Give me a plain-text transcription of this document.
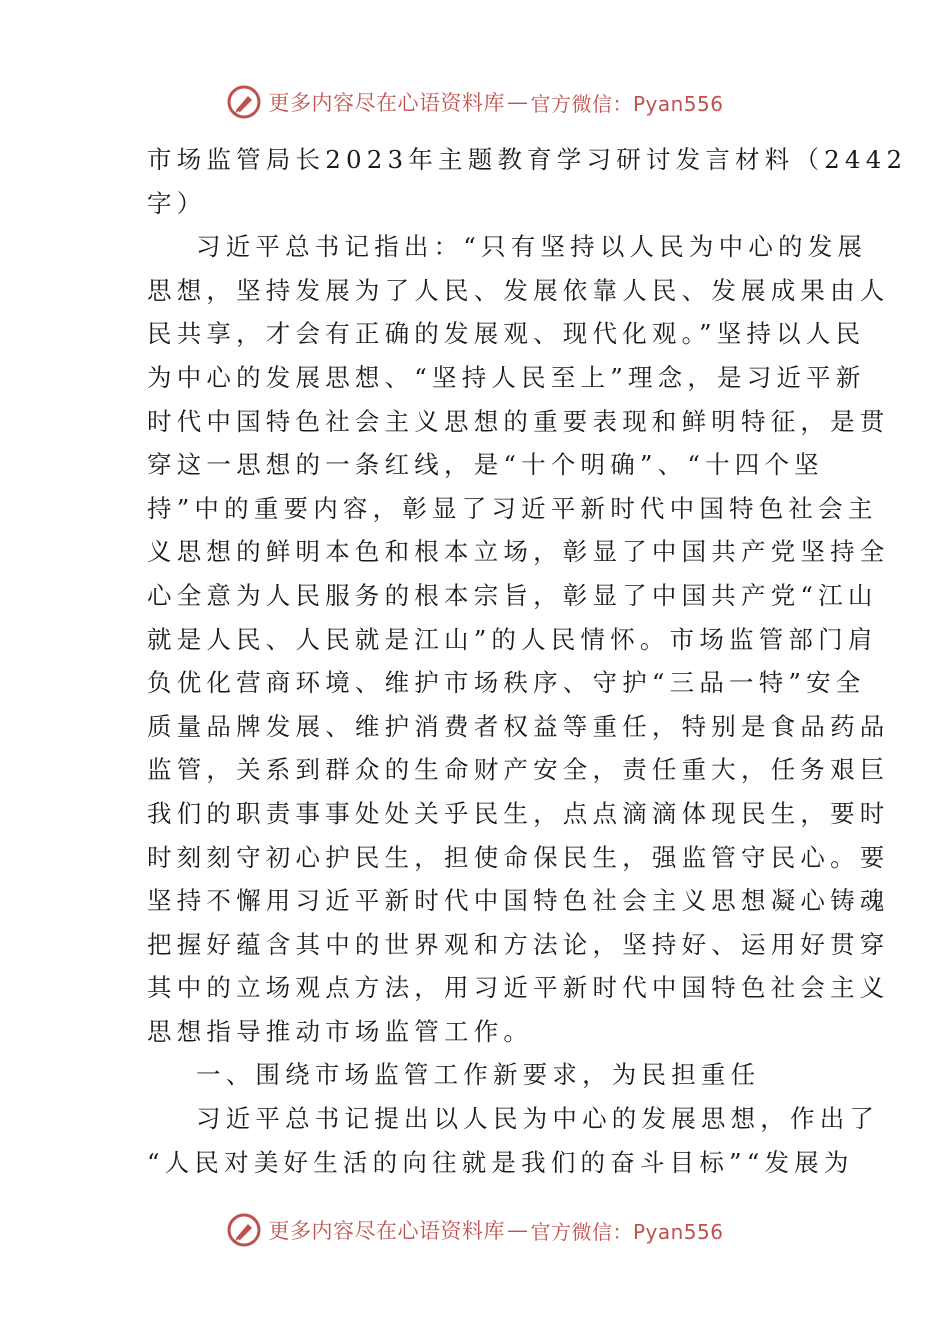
更多内容尽在心语资料库 — 官方微信：Pyan556
市场监管局长2023年主题教育学习研讨发言材料（2442
字）
习近平总书记指出：“只有坚持以人民为中心的发展
思想，坚持发展为了人民、发展依靠人民、发展成果由人
民共享，才会有正确的发展观、现代化观。”坚持以人民
为中心的发展思想、“坚持人民至上”理念，是习近平新
时代中国特色社会主义思想的重要表现和鲜明特征，是贯
穿这一思想的一条红线，是“十个明确”、“十四个坚
持”中的重要内容，彰显了习近平新时代中国特色社会主
义思想的鲜明本色和根本立场，彰显了中国共产党坚持全
心全意为人民服务的根本宗旨，彰显了中国共产党“江山
就是人民、人民就是江山”的人民情怀。市场监管部门肩
负优化营商环境、维护市场秩序、守护“三品一特”安全
质量品牌发展、维护消费者权益等重任，特别是食品药品
监管，关系到群众的生命财产安全，责任重大，任务艰巨
我们的职责事事处处关乎民生，点点滴滴体现民生，要时
时刻刻守初心护民生，担使命保民生，强监管守民心。要
坚持不懈用习近平新时代中国特色社会主义思想凝心铸魂
把握好蕴含其中的世界观和方法论，坚持好、运用好贯穿
其中的立场观点方法，用习近平新时代中国特色社会主义
思想指导推动市场监管工作。
一、围绕市场监管工作新要求，为民担重任
习近平总书记提出以人民为中心的发展思想，作出了
“人民对美好生活的向往就是我们的奋斗目标”“发展为
更多内容尽在心语资料库 — 官方微信：Pyan556
